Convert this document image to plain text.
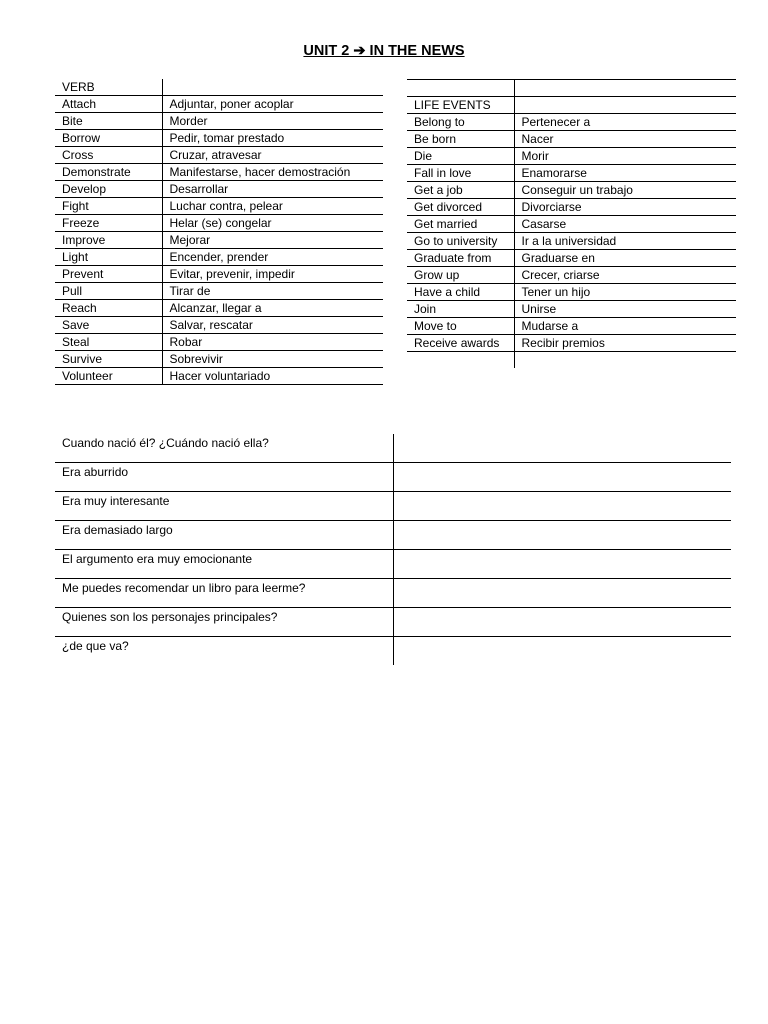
UNIT 2 ➔ IN THE NEWS
VERB	
Attach	Adjuntar, poner acoplar
Bite	Morder
Borrow	Pedir, tomar prestado
Cross	Cruzar, atravesar
Demonstrate	Manifestarse, hacer demostración
Develop	Desarrollar
Fight	Luchar contra, pelear
Freeze	Helar (se) congelar
Improve	Mejorar
Light	Encender, prender
Prevent	Evitar, prevenir, impedir
Pull	Tirar de
Reach	Alcanzar, llegar a
Save	Salvar, rescatar
Steal	Robar
Survive	Sobrevivir
Volunteer	Hacer voluntariado

LIFE EVENTS	
Belong to	Pertenecer a
Be born	Nacer
Die	Morir
Fall in love	Enamorarse
Get a job	Conseguir un trabajo
Get divorced	Divorciarse
Get married	Casarse
Go to university	Ir a la universidad
Graduate from	Graduarse en
Grow up	Crecer, criarse
Have a child	Tener un hijo
Join	Unirse
Move to	Mudarse a
Receive awards	Recibir premios

Cuando nació él? ¿Cuándo nació ella?	
Era aburrido	
Era muy interesante	
Era demasiado largo	
El argumento era muy emocionante	
Me puedes recomendar un libro para leerme?	
Quienes son los personajes principales?	
¿de que va?	
